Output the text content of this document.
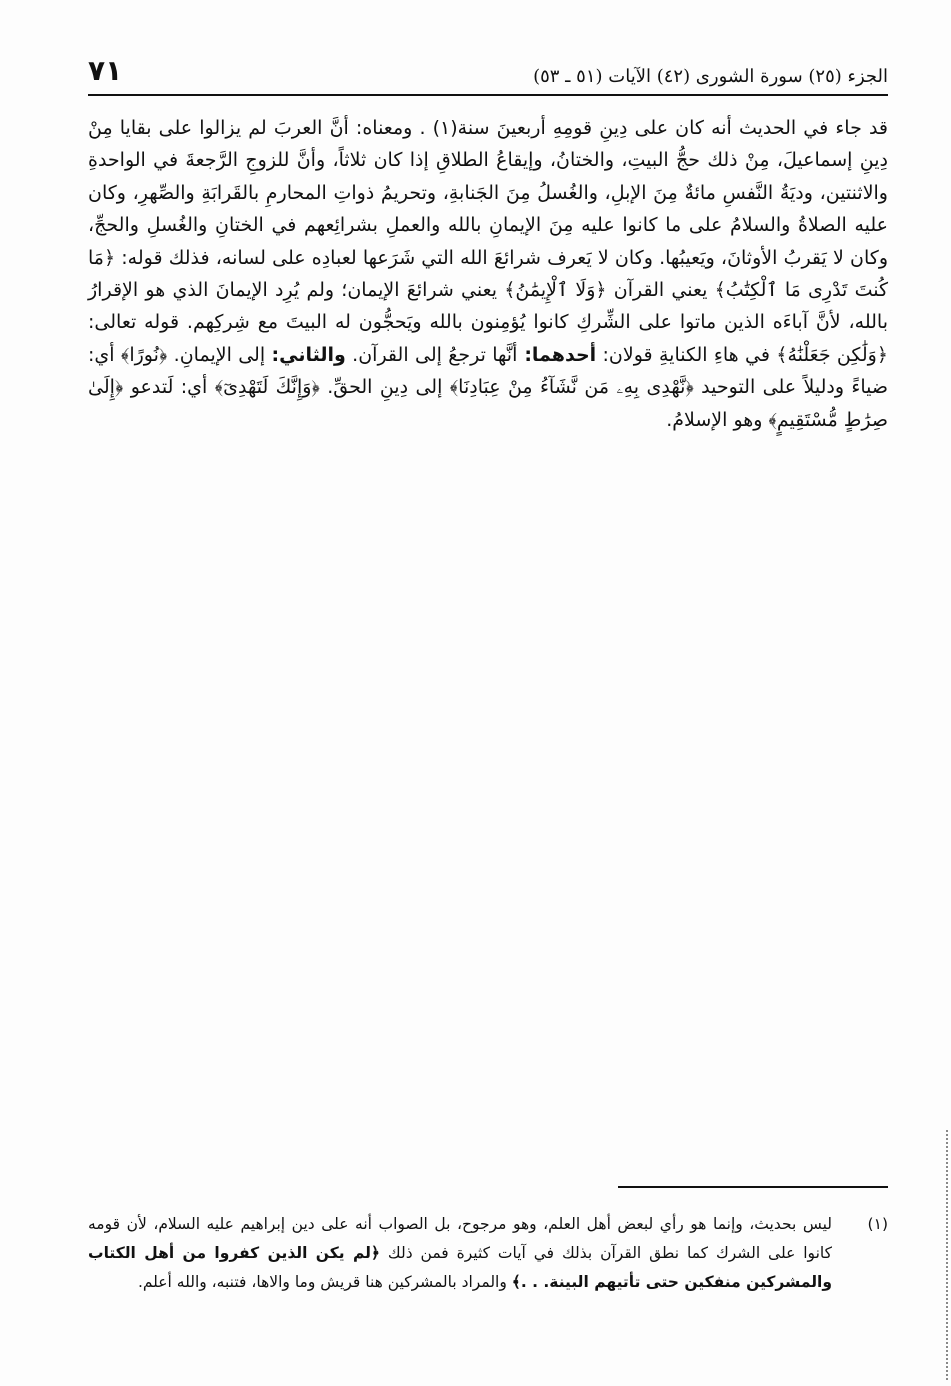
٧١	الجزء (٢٥) سورة الشورى (٤٢) الآيات (٥١ ـ ٥٣)

قد جاء في الحديث أنه كان على دِينِ قومِهِ أربعينَ سنة(١) . ومعناه: أنَّ العربَ لم يزالوا على بقايا مِنْ دِينِ إسماعيلَ، مِنْ ذلك حجُّ البيتِ، والختانُ، وإيقاعُ الطلاقِ إذا كان ثلاثاً، وأنَّ للزوجِ الرَّجعةَ في الواحدةِ والاثنتين، وديَةُ النَّفسِ مائةٌ مِنَ الإبلِ، والغُسلُ مِنَ الجَنابةِ، وتحريمُ ذواتِ المحارمِ بالقَرابَةِ والصِّهرِ، وكان عليه الصلاةُ والسلامُ على ما كانوا عليه مِنَ الإيمانِ بالله والعملِ بشرائِعهم في الختانِ والغُسلِ والحجِّ، وكان لا يَقربُ الأوثانَ، ويَعيبُها. وكان لا يَعرف شرائعَ الله التي شَرَعها لعبادِه على لسانه، فذلك قوله: ﴿مَا كُنتَ تَدْرِى مَا ٱلْكِتَٰبُ﴾ يعني القرآن ﴿وَلَا ٱلْإِيمَٰنُ﴾ يعني شرائعَ الإيمان؛ ولم يُرِد الإيمانَ الذي هو الإقرارُ بالله، لأنَّ آباءَه الذين ماتوا على الشِّركِ كانوا يُؤمِنون بالله ويَحجُّون له البيتَ مع شِركِهم. قوله تعالى: ﴿وَلَٰكِن جَعَلْنَٰهُ﴾ في هاءِ الكنايةِ قولان: أحدهما: أنَّها ترجعُ إلى القرآن. والثاني: إلى الإيمانِ. ﴿نُورًا﴾ أي: ضياءً ودليلاً على التوحيد ﴿نَّهْدِى بِهِۦ مَن نَّشَآءُ مِنْ عِبَادِنَا﴾ إلى دِينِ الحقِّ. ﴿وَإِنَّكَ لَتَهْدِىٓ﴾ أي: لَتدعو ﴿إِلَىٰ صِرَٰطٍ مُّسْتَقِيمٍ﴾ وهو الإسلامُ.

(١)
ليس بحديث، وإنما هو رأي لبعض أهل العلم، وهو مرجوح، بل الصواب أنه على دين إبراهيم عليه السلام، لأن قومه كانوا على الشرك كما نطق القرآن بذلك في آيات كثيرة فمن ذلك ﴿لم يكن الذين كفروا من أهل الكتاب والمشركين منفكين حتى تأتيهم البينة. . .﴾ والمراد بالمشركين هنا قريش وما والاها، فتنبه، والله أعلم.
